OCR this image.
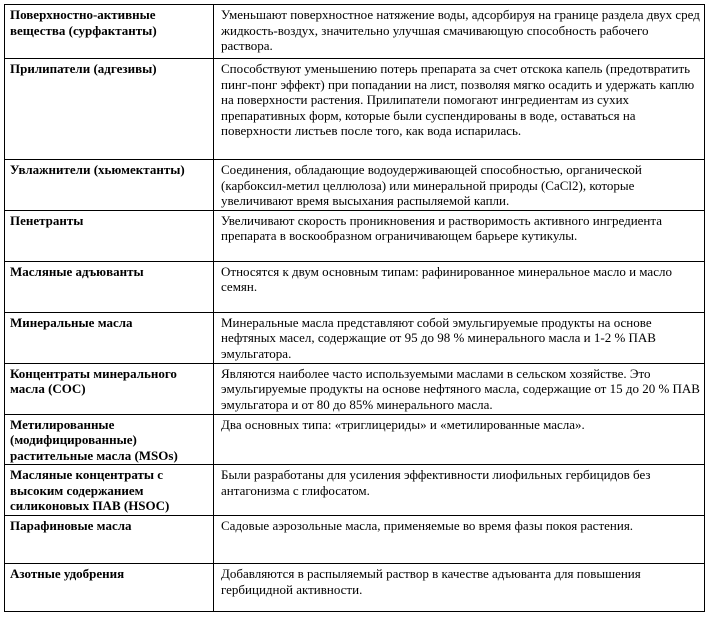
Поверхностно-активные вещества (сурфактанты)	Уменьшают поверхностное натяжение воды, адсорбируя на границе раздела двух сред жидкость-воздух, значительно улучшая смачивающую способность рабочего раствора.
Прилипатели (адгезивы)	Способствуют уменьшению потерь препарата за счет отскока капель (предотвратить пинг-понг эффект) при попадании на лист, позволяя мягко осадить и удержать каплю на поверхности растения. Прилипатели помогают ингредиентам из сухих препаративных форм, которые были суспендированы в воде, оставаться на поверхности листьев после того, как вода испарилась.
Увлажнители (хьюмектанты)	Соединения, обладающие водоудерживающей способностью, органической (карбоксил-метил целлюлоза) или минеральной природы (CaCl2), которые увеличивают время высыхания распыляемой капли.
Пенетранты	Увеличивают скорость проникновения и растворимость активного ингредиента препарата в воскообразном ограничивающем барьере кутикулы.
Масляные адъюванты	Относятся к двум основным типам: рафинированное минеральное масло и масло семян.
Минеральные масла	Минеральные масла представляют собой эмульгируемые продукты на основе нефтяных масел, содержащие от 95 до 98 % минерального масла и 1-2 % ПАВ эмульгатора.
Концентраты минерального масла (COC)	Являются наиболее часто используемыми маслами в сельском хозяйстве. Это эмульгируемые продукты на основе нефтяного масла, содержащие от 15 до 20 % ПАВ эмульгатора и от 80 до 85% минерального масла.
Метилированные (модифицированные) растительные масла (MSOs)	Два основных типа: «триглицериды» и «метилированные масла».
Масляные концентраты с высоким содержанием силиконовых ПАВ (HSOC)	Были разработаны для усиления эффективности лиофильных гербицидов без антагонизма с глифосатом.
Парафиновые масла	Садовые аэрозольные масла, применяемые во время фазы покоя растения.
Азотные удобрения	Добавляются в распыляемый раствор в качестве адъюванта для повышения гербицидной активности.
